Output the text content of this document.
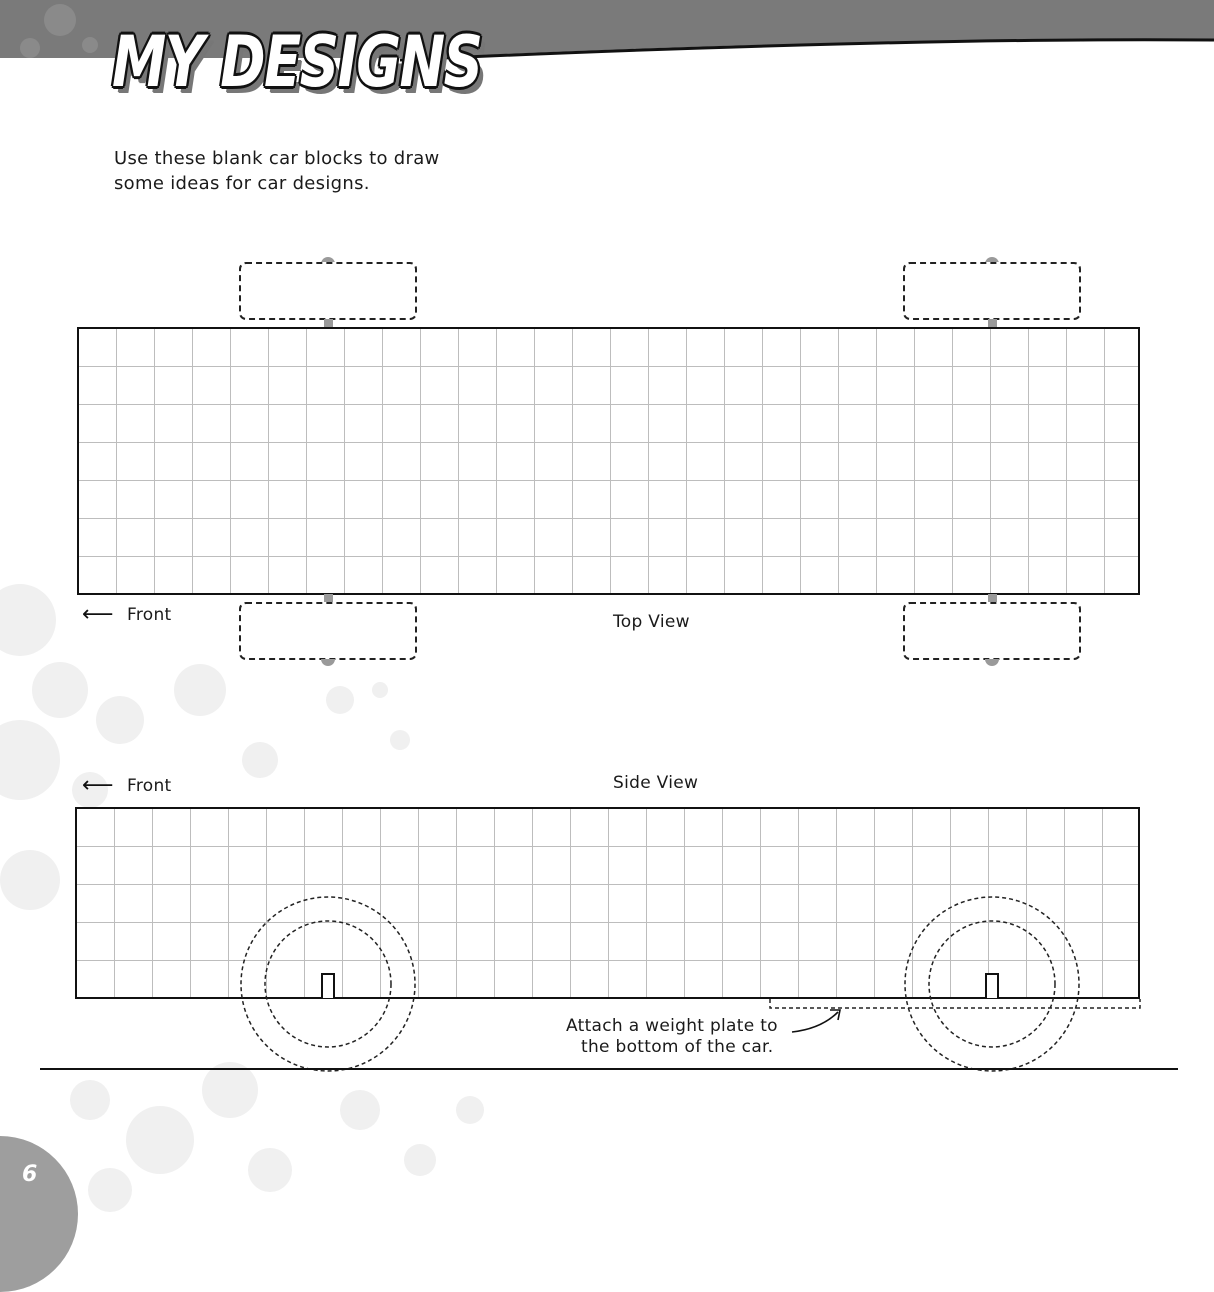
MY DESIGNS
Use these blank car blocks to draw
some ideas for car designs.
⟵ Front	Top View
⟵ Front	Side View
Attach a weight plate to
the bottom of the car.
6
